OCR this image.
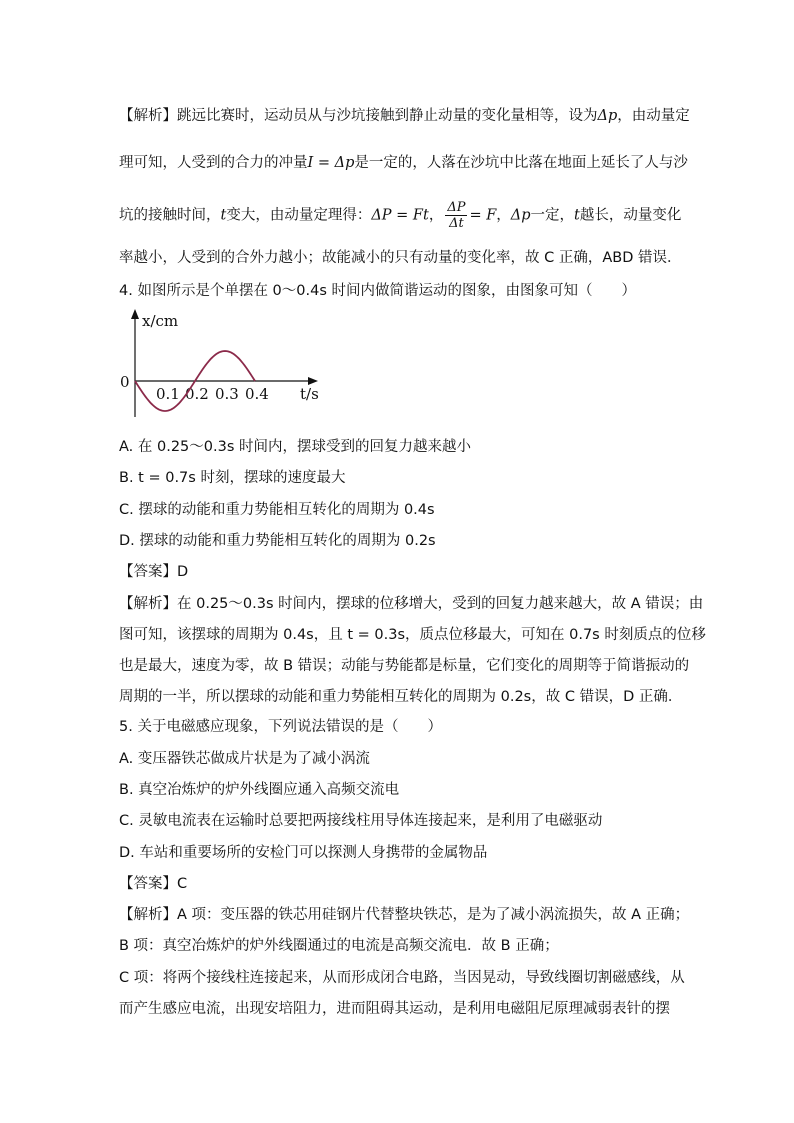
【解析】跳远比赛时，运动员从与沙坑接触到静止动量的变化量相等，设为Δp，由动量定
理可知，人受到的合力的冲量I = Δp是一定的，人落在沙坑中比落在地面上延长了人与沙
坑的接触时间，t变大，由动量定理得：ΔP = Ft， $\frac{\Delta P}{\Delta t} = F$，Δp一定，t越长，动量变化
率越小，人受到的合外力越小；故能减小的只有动量的变化率，故 C 正确，ABD 错误．
4. 如图所示是个单摆在 0～0.4s 时间内做简谐运动的图象，由图象可知（　　）
x/cm
t/s
0
0.1 0.2 0.3 0.4
A. 在 0.25～0.3s 时间内，摆球受到的回复力越来越小
B. t = 0.7s 时刻，摆球的速度最大
C. 摆球的动能和重力势能相互转化的周期为 0.4s
D. 摆球的动能和重力势能相互转化的周期为 0.2s
【答案】D
【解析】在 0.25～0.3s 时间内，摆球的位移增大，受到的回复力越来越大，故 A 错误；由
图可知，该摆球的周期为 0.4s，且 t = 0.3s，质点位移最大，可知在 0.7s 时刻质点的位移
也是最大，速度为零，故 B 错误；动能与势能都是标量，它们变化的周期等于简谐振动的
周期的一半，所以摆球的动能和重力势能相互转化的周期为 0.2s，故 C 错误，D 正确．
5. 关于电磁感应现象，下列说法错误的是（　　）
A. 变压器铁芯做成片状是为了减小涡流
B. 真空冶炼炉的炉外线圈应通入高频交流电
C. 灵敏电流表在运输时总要把两接线柱用导体连接起来，是利用了电磁驱动
D. 车站和重要场所的安检门可以探测人身携带的金属物品
【答案】C
【解析】A 项：变压器的铁芯用硅钢片代替整块铁芯，是为了减小涡流损失，故 A 正确；
B 项：真空冶炼炉的炉外线圈通过的电流是高频交流电．故 B 正确；
C 项：将两个接线柱连接起来，从而形成闭合电路，当因晃动，导致线圈切割磁感线，从
而产生感应电流，出现安培阻力，进而阻碍其运动，是利用电磁阻尼原理减弱表针的摆
